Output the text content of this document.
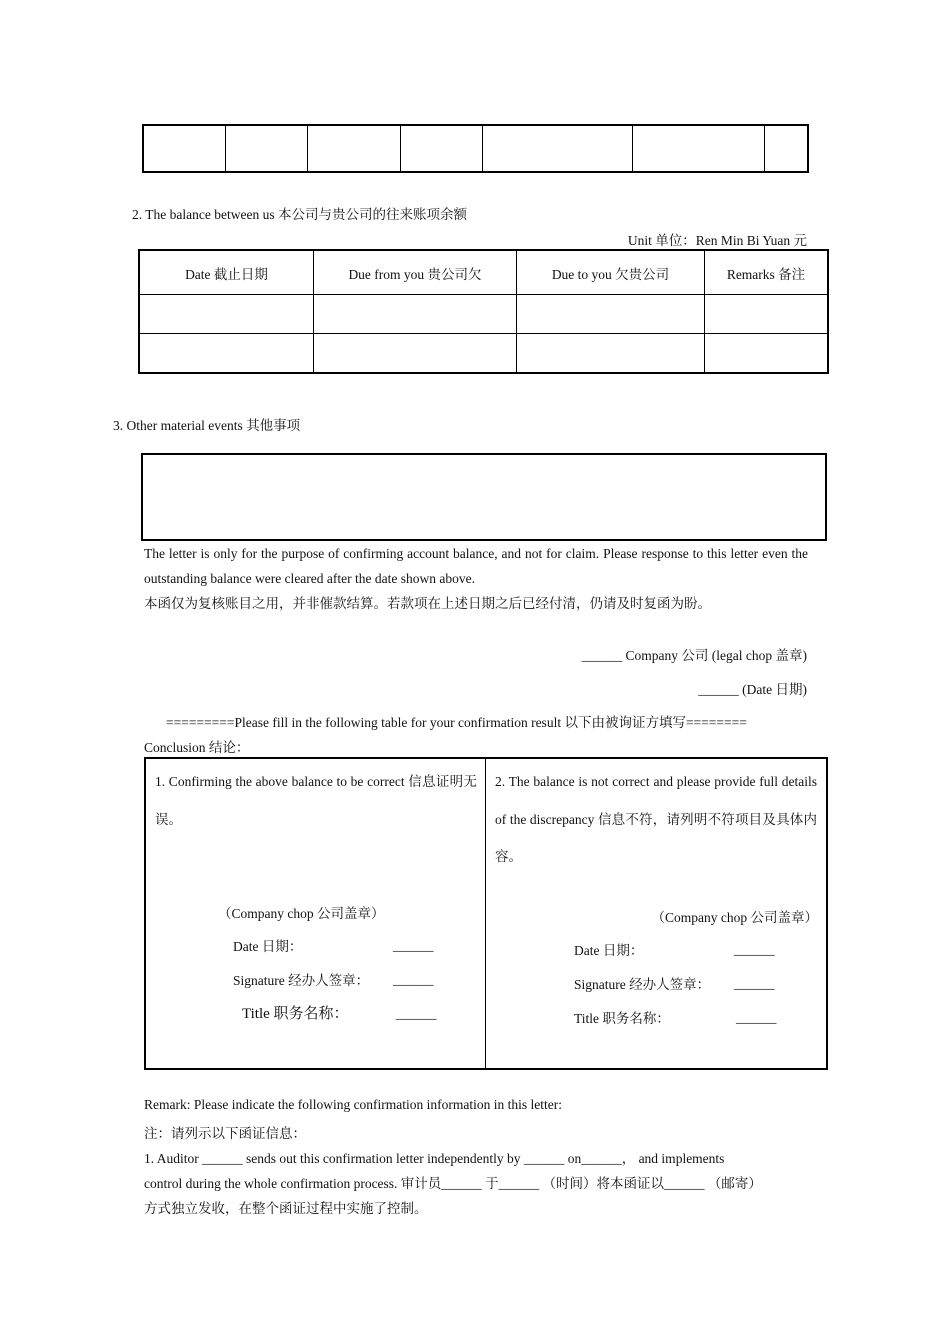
2. The balance between us 本公司与贵公司的往来账项余额
Unit 单位：Ren Min Bi Yuan 元
Date 截止日期	Due from you 贵公司欠	Due to you 欠贵公司	Remarks 备注

3. Other material events 其他事项
The letter is only for the purpose of confirming account balance, and not for claim. Please response to this letter even the outstanding balance were cleared after the date shown above.
本函仅为复核账目之用，并非催款结算。若款项在上述日期之后已经付清，仍请及时复函为盼。
______ Company 公司 (legal chop 盖章)
______ (Date 日期)
=========Please fill in the following table for your confirmation result 以下由被询证方填写========
Conclusion 结论：
1. Confirming the above balance to be correct 信息证明无误。
（Company chop 公司盖章）
Date 日期：	______
Signature 经办人签章： ______
Title 职务名称：	______
2. The balance is not correct and please provide full details of the discrepancy 信息不符，请列明不符项目及具体内容。
（Company chop 公司盖章）
Date 日期：	______
Signature 经办人签章： ______
Title 职务名称：	______
Remark: Please indicate the following confirmation information in this letter:
注：请列示以下函证信息：
1. Auditor ______ sends out this confirmation letter independently by ______ on______， and implements
control during the whole confirmation process. 审计员______ 于______ （时间）将本函证以______ （邮寄）
方式独立发收，在整个函证过程中实施了控制。
